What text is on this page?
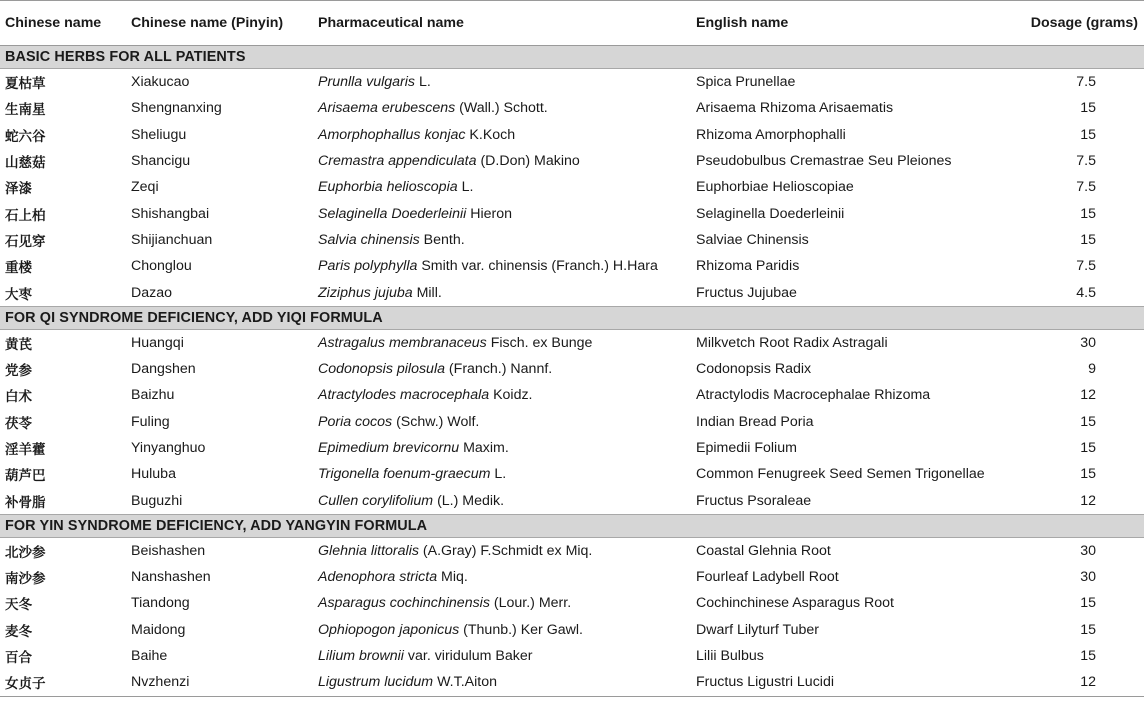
Chinese name	Chinese name (Pinyin)	Pharmaceutical name	English name	Dosage (grams)
BASIC HERBS FOR ALL PATIENTS				
夏枯草	Xiakucao	Prunlla vulgaris L.	Spica Prunellae	7.5
生南星	Shengnanxing	Arisaema erubescens (Wall.) Schott.	Arisaema Rhizoma Arisaematis	15
蛇六谷	Sheliugu	Amorphophallus konjac K.Koch	Rhizoma Amorphophalli	15
山慈菇	Shancigu	Cremastra appendiculata (D.Don) Makino	Pseudobulbus Cremastrae Seu Pleiones	7.5
泽漆	Zeqi	Euphorbia helioscopia L.	Euphorbiae Helioscopiae	7.5
石上柏	Shishangbai	Selaginella Doederleinii Hieron	Selaginella Doederleinii	15
石见穿	Shijianchuan	Salvia chinensis Benth.	Salviae Chinensis	15
重楼	Chonglou	Paris polyphylla Smith var. chinensis (Franch.) H.Hara	Rhizoma Paridis	7.5
大枣	Dazao	Ziziphus jujuba Mill.	Fructus Jujubae	4.5
FOR QI SYNDROME DEFICIENCY, ADD YIQI FORMULA				
黄芪	Huangqi	Astragalus membranaceus Fisch. ex Bunge	Milkvetch Root Radix Astragali	30
党参	Dangshen	Codonopsis pilosula (Franch.) Nannf.	Codonopsis Radix	9
白术	Baizhu	Atractylodes macrocephala Koidz.	Atractylodis Macrocephalae Rhizoma	12
茯苓	Fuling	Poria cocos (Schw.) Wolf.	Indian Bread Poria	15
淫羊藿	Yinyanghuo	Epimedium brevicornu Maxim.	Epimedii Folium	15
葫芦巴	Huluba	Trigonella foenum-graecum L.	Common Fenugreek Seed Semen Trigonellae	15
补骨脂	Buguzhi	Cullen corylifolium (L.) Medik.	Fructus Psoraleae	12
FOR YIN SYNDROME DEFICIENCY, ADD YANGYIN FORMULA				
北沙参	Beishashen	Glehnia littoralis (A.Gray) F.Schmidt ex Miq.	Coastal Glehnia Root	30
南沙参	Nanshashen	Adenophora stricta Miq.	Fourleaf Ladybell Root	30
天冬	Tiandong	Asparagus cochinchinensis (Lour.) Merr.	Cochinchinese Asparagus Root	15
麦冬	Maidong	Ophiopogon japonicus (Thunb.) Ker Gawl.	Dwarf Lilyturf Tuber	15
百合	Baihe	Lilium brownii var. viridulum Baker	Lilii Bulbus	15
女贞子	Nvzhenzi	Ligustrum lucidum W.T.Aiton	Fructus Ligustri Lucidi	12
